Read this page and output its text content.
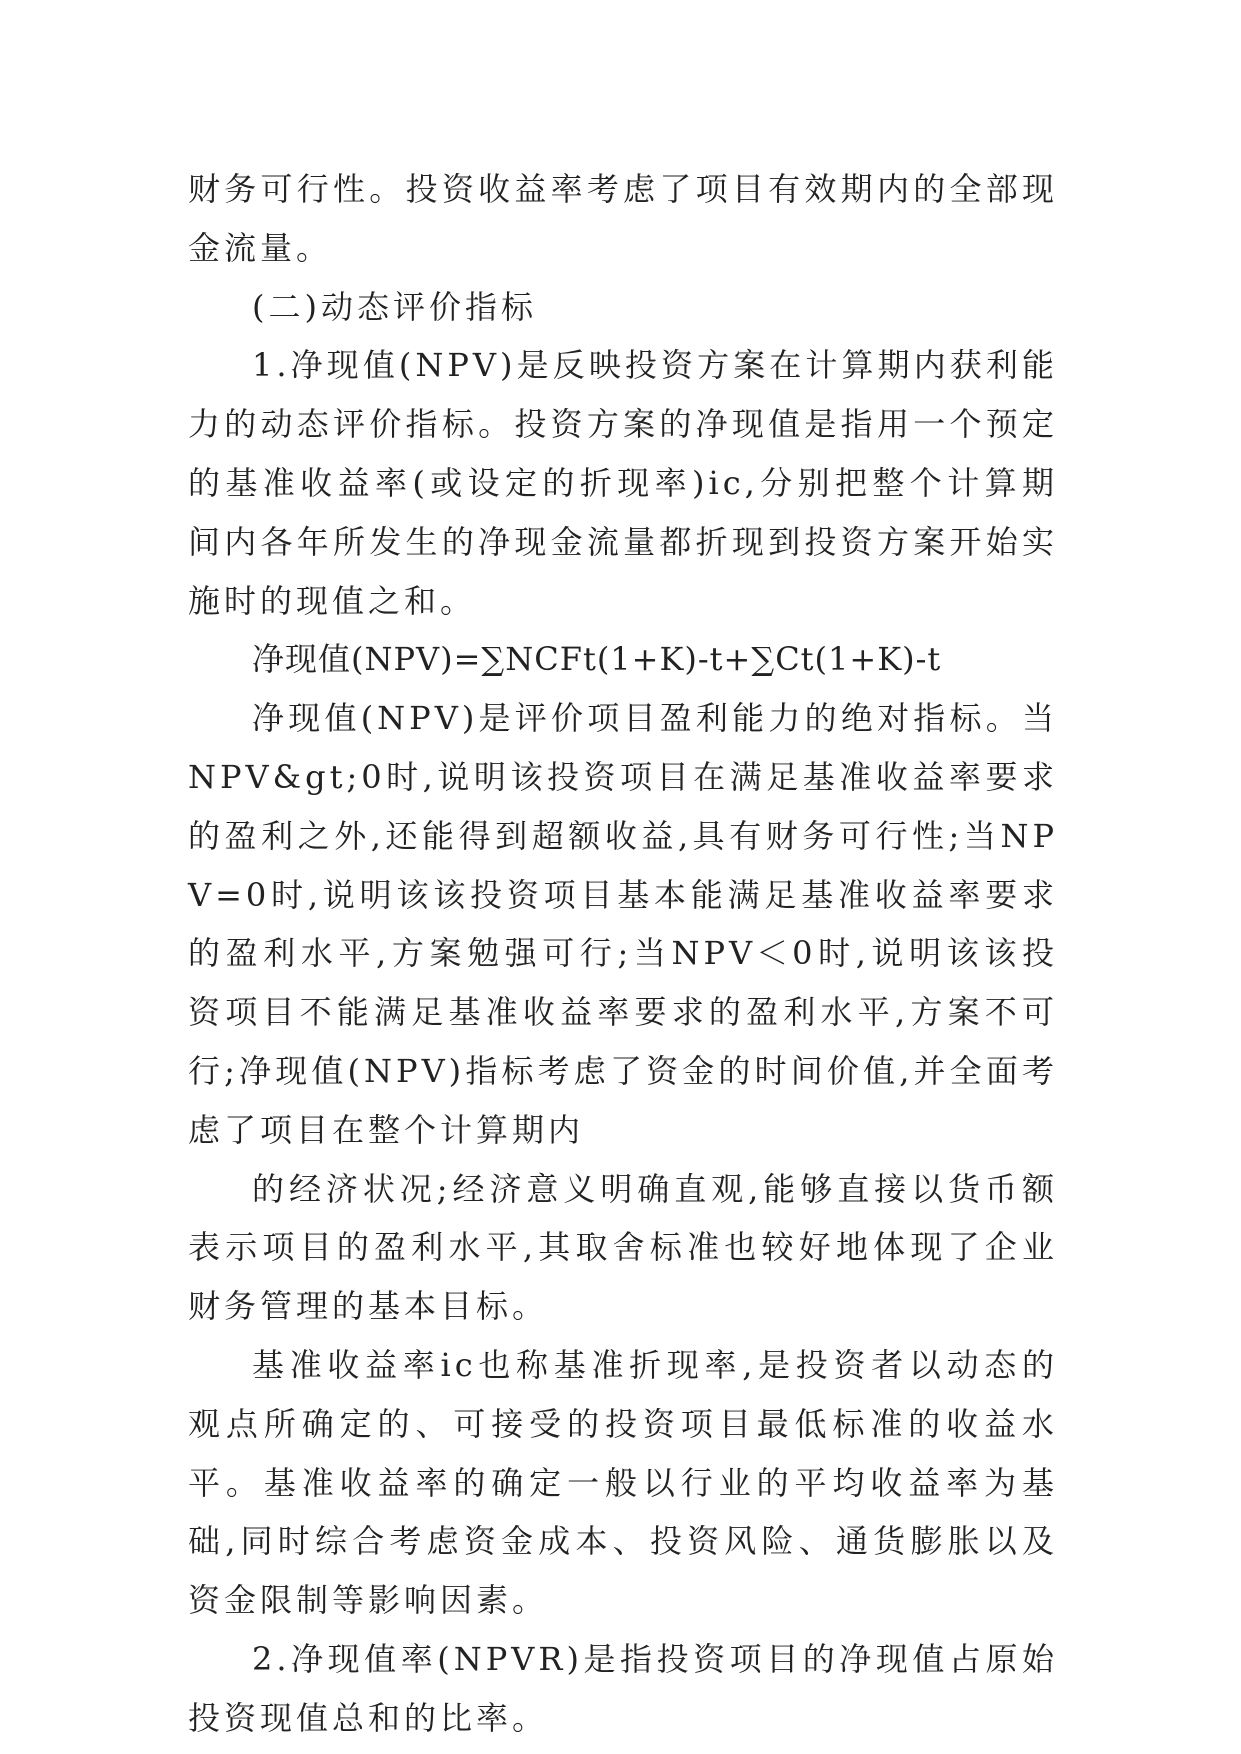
财务可行性。投资收益率考虑了项目有效期内的全部现金流量。

(二)动态评价指标

1.净现值(NPV)是反映投资方案在计算期内获利能力的动态评价指标。投资方案的净现值是指用一个预定的基准收益率(或设定的折现率)ic,分别把整个计算期间内各年所发生的净现金流量都折现到投资方案开始实施时的现值之和。

净现值(NPV)=∑NCFt(1+K)-t+∑Ct(1+K)-t

净现值(NPV)是评价项目盈利能力的绝对指标。当NPV&gt;0时,说明该投资项目在满足基准收益率要求的盈利之外,还能得到超额收益,具有财务可行性;当NPV=0时,说明该该投资项目基本能满足基准收益率要求的盈利水平,方案勉强可行;当NPV＜0时,说明该该投资项目不能满足基准收益率要求的盈利水平,方案不可行;净现值(NPV)指标考虑了资金的时间价值,并全面考虑了项目在整个计算期内

的经济状况;经济意义明确直观,能够直接以货币额表示项目的盈利水平,其取舍标准也较好地体现了企业财务管理的基本目标。

基准收益率ic也称基准折现率,是投资者以动态的观点所确定的、可接受的投资项目最低标准的收益水平。基准收益率的确定一般以行业的平均收益率为基础,同时综合考虑资金成本、投资风险、通货膨胀以及资金限制等影响因素。

2.净现值率(NPVR)是指投资项目的净现值占原始投资现值总和的比率。
